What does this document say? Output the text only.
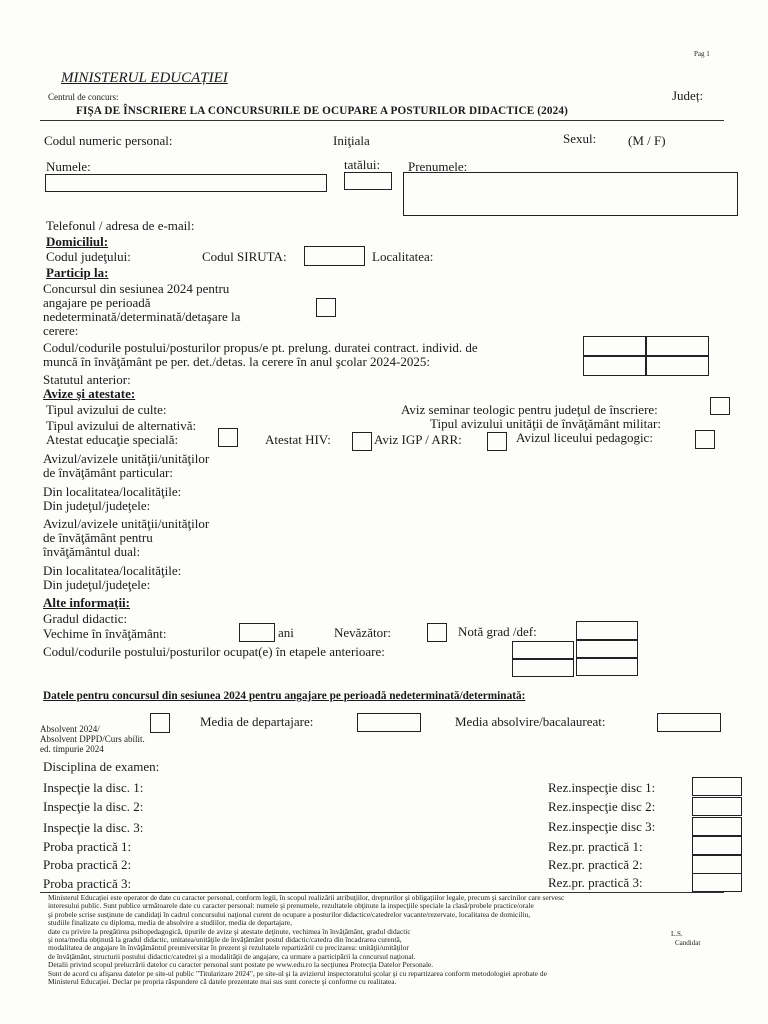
Pag 1
MINISTERUL EDUCAȚIEI
Centrul de concurs:	Județ:
FIŞA DE ÎNSCRIERE LA CONCURSURILE DE OCUPARE A POSTURILOR DIDACTICE (2024)
Codul numeric personal:	Iniţiala	Sexul: (M / F)
Numele:	tatălui: Prenumele:
Telefonul / adresa de e-mail:
Domiciliul:
Codul judeţului:	Codul SIRUTA:	Localitatea:
Particip la:
Concursul din sesiunea 2024 pentru
angajare pe perioadă
nedeterminată/determinată/detaşare la
cerere:
Codul/codurile postului/posturilor propus/e pt. prelung. duratei contract. individ. de
muncă în învăţământ pe per. det./detas. la cerere în anul şcolar 2024-2025:
Statutul anterior:
Avize şi atestate:
Tipul avizului de culte:	Aviz seminar teologic pentru judeţul de înscriere:
Tipul avizului de alternativă:	Tipul avizului unităţii de învăţământ militar:
Atestat educaţie specială:	Atestat HIV:	Aviz IGP / ARR:	Avizul liceului pedagogic:
Avizul/avizele unităţii/unităţilor
de învăţământ particular:
Din localitatea/localităţile:
Din judeţul/judeţele:
Avizul/avizele unităţii/unităţilor
de învăţământ pentru
învăţământul dual:
Din localitatea/localităţile:
Din judeţul/judeţele:
Alte informaţii:
Gradul didactic:
Vechime în învăţământ:	ani	Nevăzător:	Notă grad /def:
Codul/codurile postului/posturilor ocupat(e) în etapele anterioare:
Datele pentru concursul din sesiunea 2024 pentru angajare pe perioadă nedeterminată/determinată:
Absolvent 2024/
Absolvent DPPD/Curs abilit.
ed. timpurie 2024
Media de departajare:	Media absolvire/bacalaureat:
Disciplina de examen:
Inspecţie la disc. 1:	Rez.inspecţie disc 1:
Inspecţie la disc. 2:	Rez.inspecţie disc 2:
Inspecţie la disc. 3:	Rez.inspecţie disc 3:
Proba practică 1:	Rez.pr. practică 1:
Proba practică 2:	Rez.pr. practică 2:
Proba practică 3:	Rez.pr. practică 3:

Ministerul Educaţiei este operator de date cu caracter personal, conform legii, în scopul realizării atribuţiilor, drepturilor şi obligaţiilor legale, precum şi sarcinilor care servesc

interesului public. Sunt publice următoarele date cu caracter personal: numele şi prenumele, rezultatele obţinute la inspecţiile speciale la clasă/probele practice/orale

şi probele scrise susţinute de candidaţi în cadrul concursului naţional curent de ocupare a posturilor didactice/catedrelor vacante/rezervate, localitatea de domiciliu,

studiile finalizate cu diploma, media de absolvire a studiilor, media de departajare,

date cu privire la pregătirea psihopedagogică, tipurile de avize şi atestate deţinute, vechimea în învăţământ, gradul didactic

şi nota/media obţinută la gradul didactic, unitatea/unităţile de învăţământ postul didactic/catedra din încadrarea curentă,

modalitatea de angajare în învăţământul preuniversitar în prezent şi rezultatele repartizării cu precizarea: unităţii/unităţilor

de învăţământ, structurii postului didactic/catedrei şi a modalităţii de angajare, ca urmare a participării la concursul naţional.

Detalii privind scopul prelucrării datelor cu caracter personal sunt postate pe www.edu.ro la secţiunea Protecţia Datelor Personale.

Sunt de acord cu afişarea datelor pe site-ul public "Titularizare 2024", pe site-ul şi la avizierul inspectoratului şcolar şi cu repartizarea conform metodologiei aprobate de

Ministerul Educaţiei. Declar pe propria răspundere că datele prezentate mai sus sunt corecte şi conforme cu realitatea.

L.S.
Candidat
